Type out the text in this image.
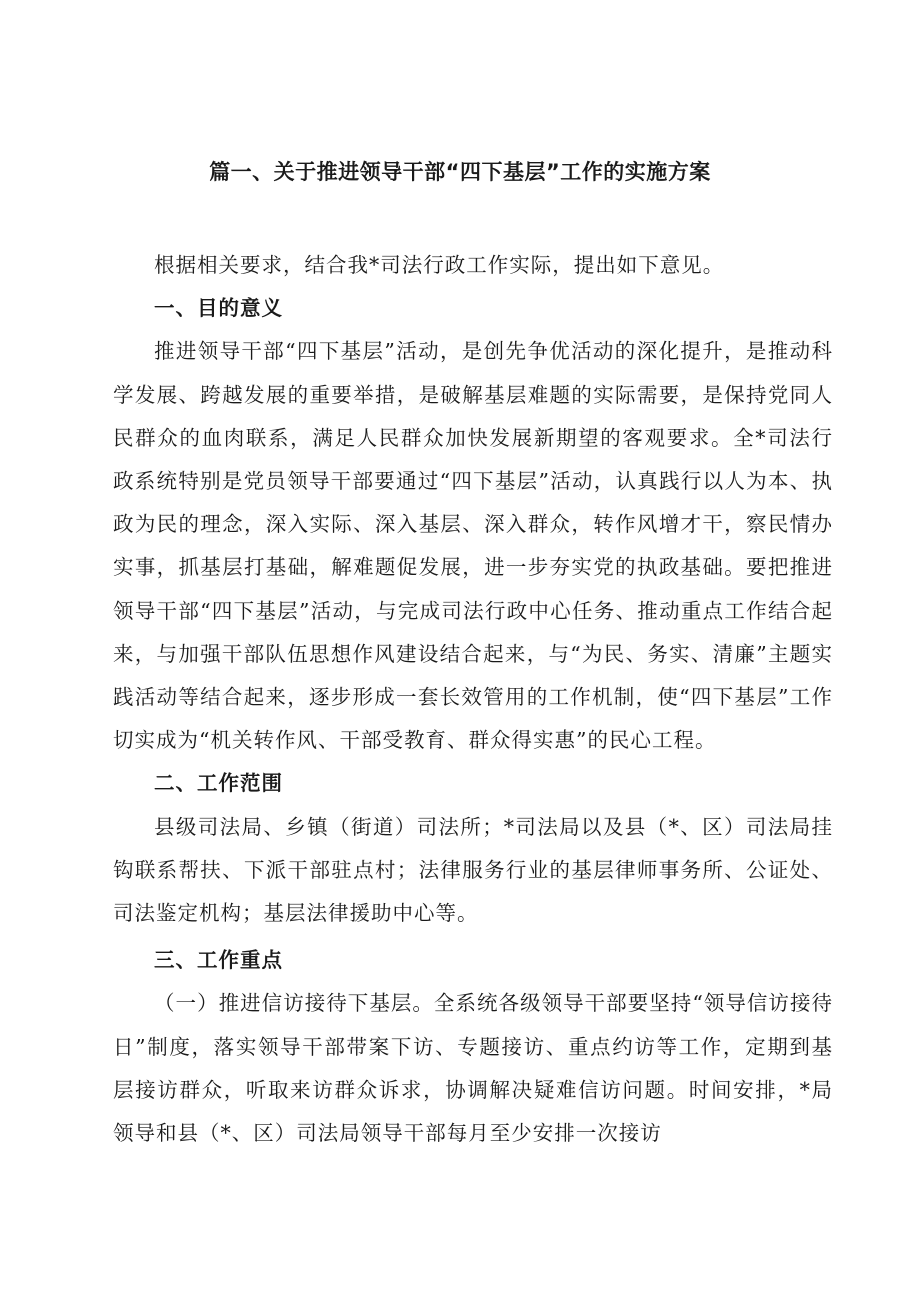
篇一、关于推进领导干部“四下基层”工作的实施方案

根据相关要求，结合我*司法行政工作实际，提出如下意见。

一、目的意义

推进领导干部“四下基层”活动，是创先争优活动的深化提升，是推动科学发展、跨越发展的重要举措，是破解基层难题的实际需要，是保持党同人民群众的血肉联系，满足人民群众加快发展新期望的客观要求。全*司法行政系统特别是党员领导干部要通过“四下基层”活动，认真践行以人为本、执政为民的理念，深入实际、深入基层、深入群众，转作风增才干，察民情办实事，抓基层打基础，解难题促发展，进一步夯实党的执政基础。要把推进领导干部“四下基层”活动，与完成司法行政中心任务、推动重点工作结合起来，与加强干部队伍思想作风建设结合起来，与“为民、务实、清廉”主题实践活动等结合起来，逐步形成一套长效管用的工作机制，使“四下基层”工作切实成为“机关转作风、干部受教育、群众得实惠”的民心工程。

二、工作范围

县级司法局、乡镇（街道）司法所；*司法局以及县（*、区）司法局挂钩联系帮扶、下派干部驻点村；法律服务行业的基层律师事务所、公证处、司法鉴定机构；基层法律援助中心等。

三、工作重点

（一）推进信访接待下基层。全系统各级领导干部要坚持“领导信访接待日”制度，落实领导干部带案下访、专题接访、重点约访等工作，定期到基层接访群众，听取来访群众诉求，协调解决疑难信访问题。时间安排，*局领导和县（*、区）司法局领导干部每月至少安排一次接访
